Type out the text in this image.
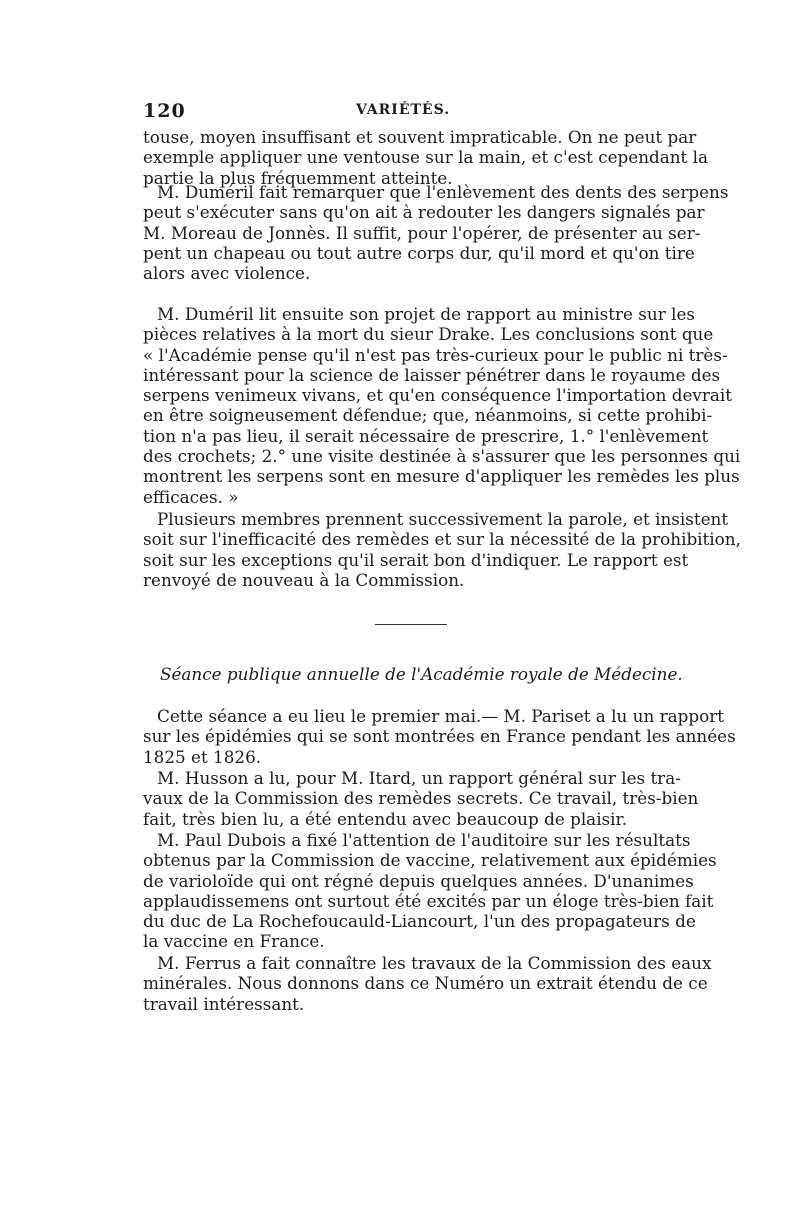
120	VARIÉTÉS.
touse, moyen insuffisant et souvent impraticable. On ne peut par
exemple appliquer une ventouse sur la main, et c'est cependant la
partie la plus fréquemment atteinte.
M. Duméril fait remarquer que l'enlèvement des dents des serpens
peut s'exécuter sans qu'on ait à redouter les dangers signalés par
M. Moreau de Jonnès. Il suffit, pour l'opérer, de présenter au ser-
pent un chapeau ou tout autre corps dur, qu'il mord et qu'on tire
alors avec violence.
M. Duméril lit ensuite son projet de rapport au ministre sur les
pièces relatives à la mort du sieur Drake. Les conclusions sont que
« l'Académie pense qu'il n'est pas très-curieux pour le public ni très-
intéressant pour la science de laisser pénétrer dans le royaume des
serpens venimeux vivans, et qu'en conséquence l'importation devrait
en être soigneusement défendue; que, néanmoins, si cette prohibi-
tion n'a pas lieu, il serait nécessaire de prescrire, 1.° l'enlèvement
des crochets; 2.° une visite destinée à s'assurer que les personnes qui
montrent les serpens sont en mesure d'appliquer les remèdes les plus
efficaces. »
Plusieurs membres prennent successivement la parole, et insistent
soit sur l'inefficacité des remèdes et sur la nécessité de la prohibition,
soit sur les exceptions qu'il serait bon d'indiquer. Le rapport est
renvoyé de nouveau à la Commission.
Séance publique annuelle de l'Académie royale de Médecine.
Cette séance a eu lieu le premier mai.— M. Pariset a lu un rapport
sur les épidémies qui se sont montrées en France pendant les années
1825 et 1826.
M. Husson a lu, pour M. Itard, un rapport général sur les tra-
vaux de la Commission des remèdes secrets. Ce travail, très-bien
fait, très bien lu, a été entendu avec beaucoup de plaisir.
M. Paul Dubois a fixé l'attention de l'auditoire sur les résultats
obtenus par la Commission de vaccine, relativement aux épidémies
de varioloïde qui ont régné depuis quelques années. D'unanimes
applaudissemens ont surtout été excités par un éloge très-bien fait
du duc de La Rochefoucauld-Liancourt, l'un des propagateurs de
la vaccine en France.
M. Ferrus a fait connaître les travaux de la Commission des eaux
minérales. Nous donnons dans ce Numéro un extrait étendu de ce
travail intéressant.
